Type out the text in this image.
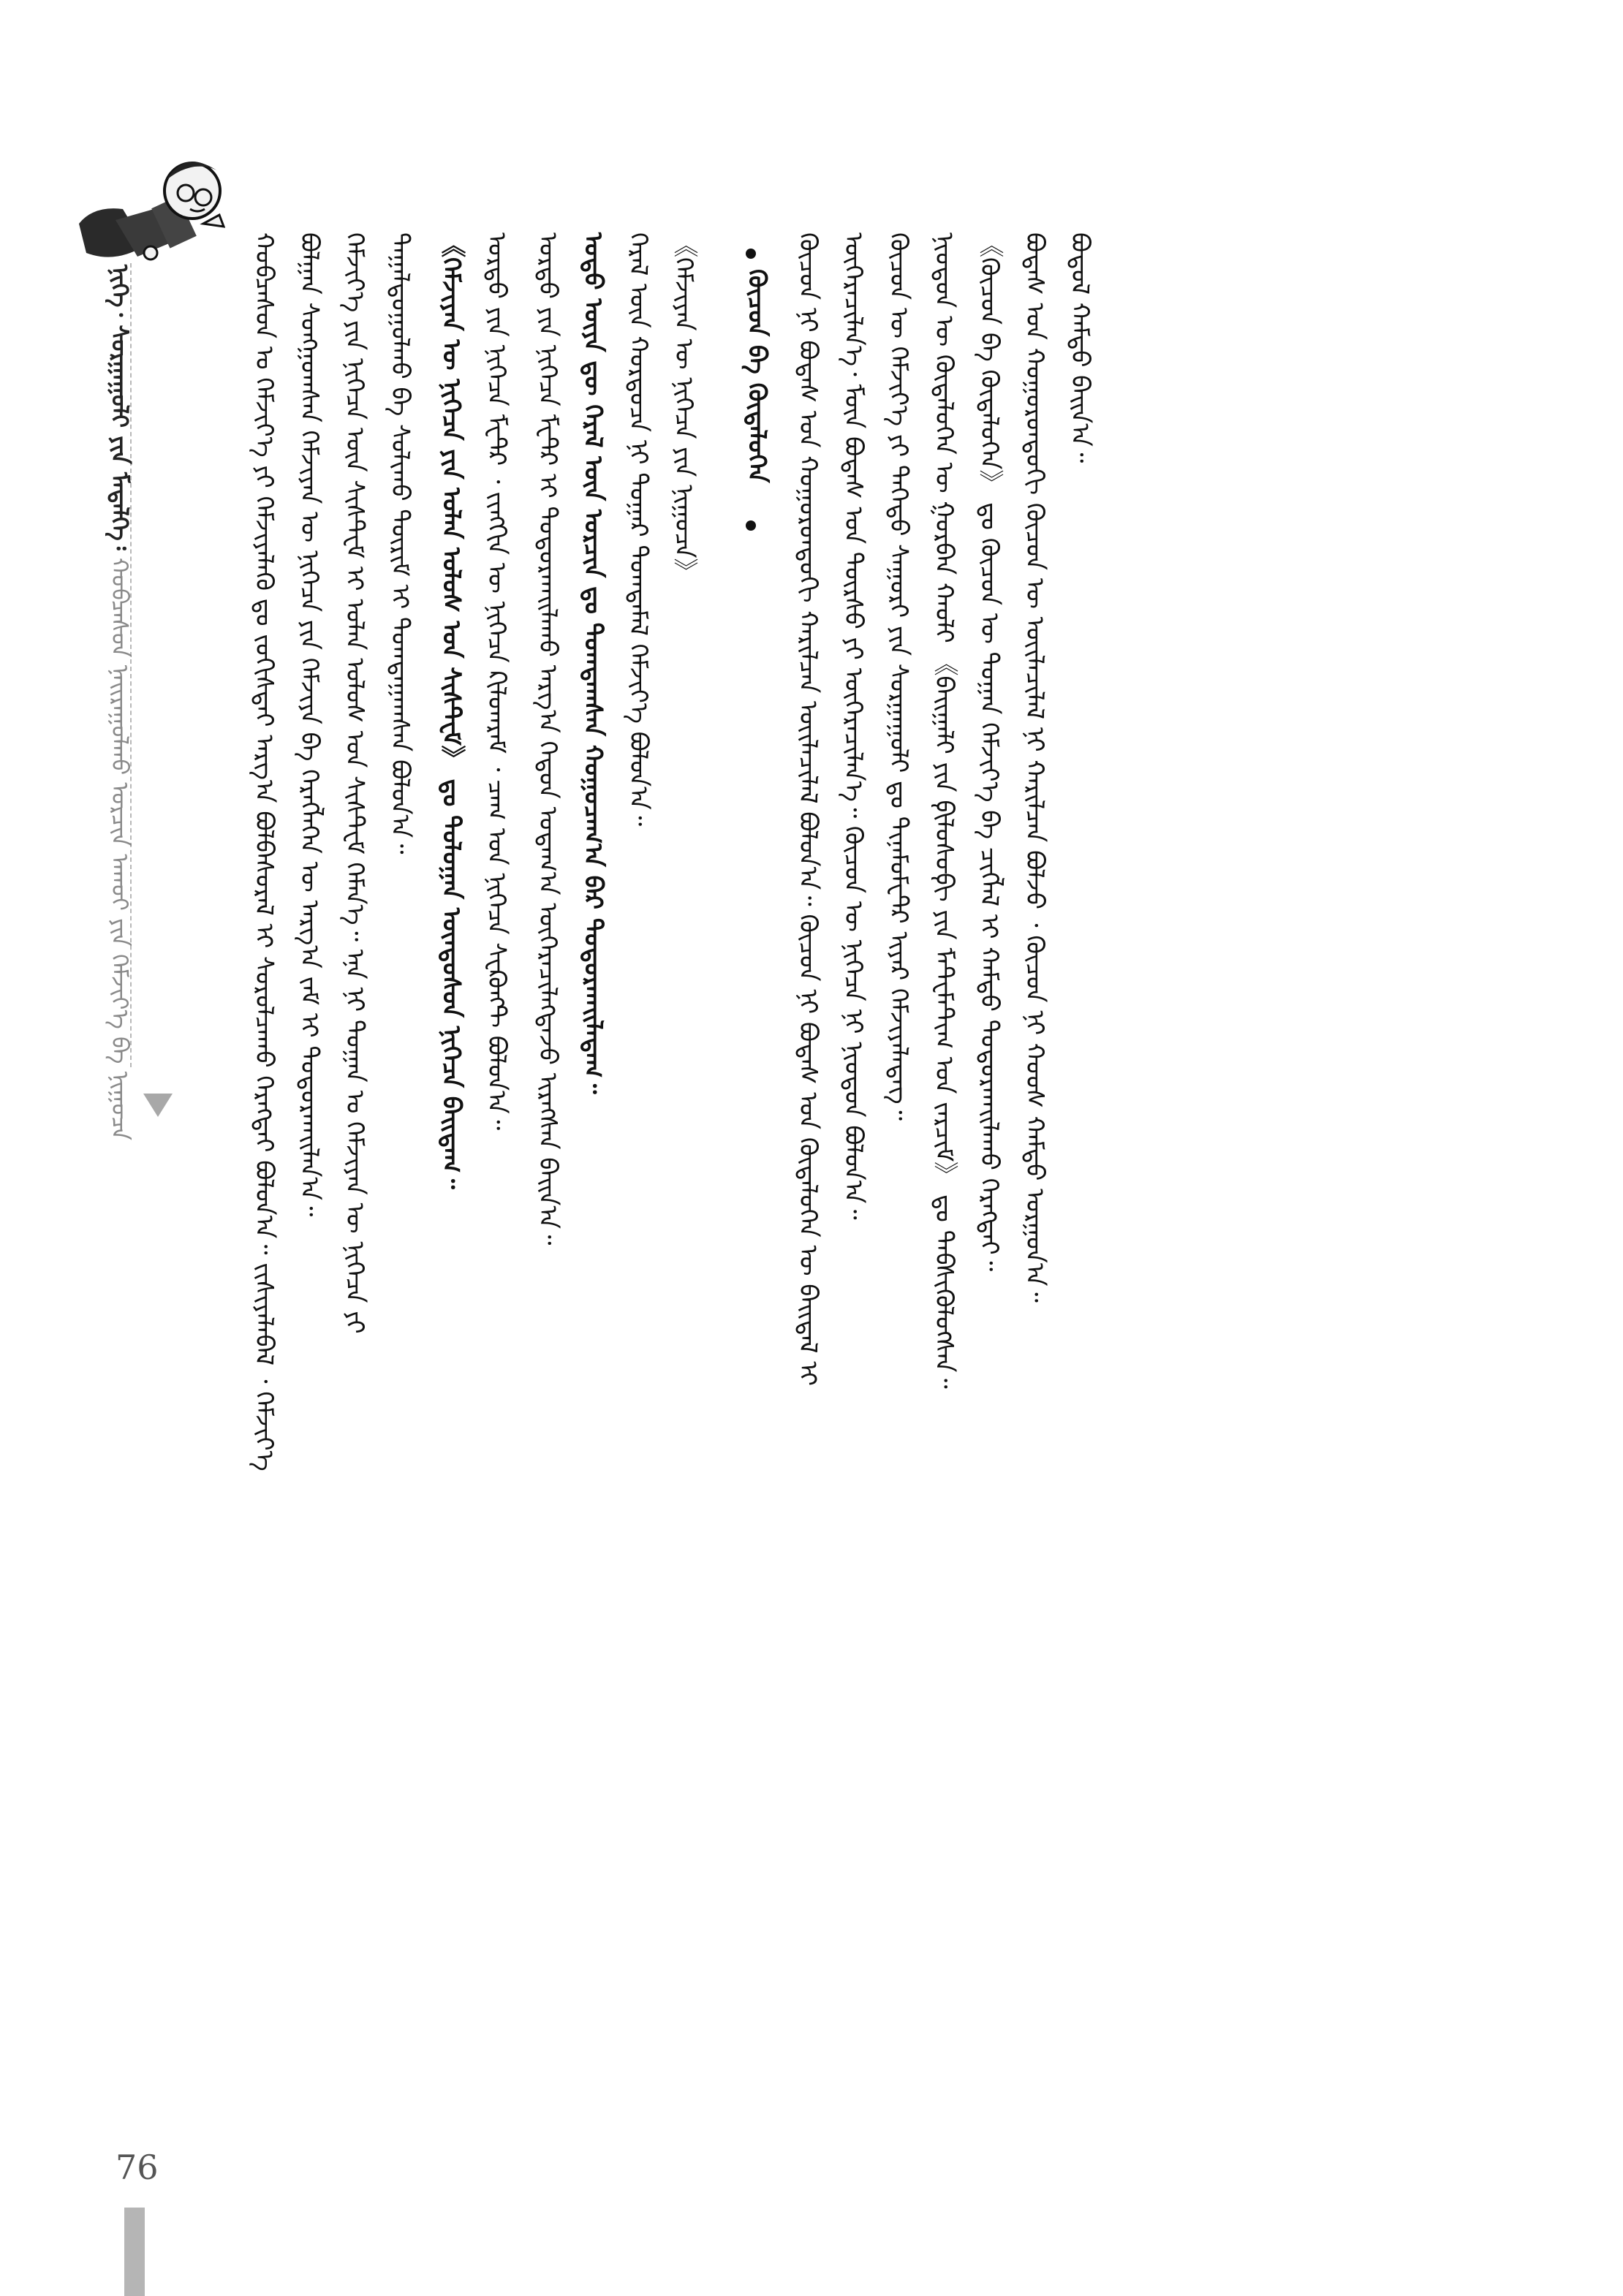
ᠨᠢᠭᠡ᠂ ᠰᠤᠷᠭᠠᠭᠤᠯᠢ ᠶᠢᠨ ᠮᠡᠳᠡᠯᠭᠡ᠄ ᠬᠤᠪᠴᠠᠰᠤᠨ ᠨᠠᠢᠷᠠᠭᠤᠯᠬᠤ ᠣᠷᠴᠢᠨ ᠠᠬᠤᠢ ᠶᠢᠨ ᠬᠡᠮᠵᠢᠶ᠎ᠡ ᠪᠠ ᠨᠢᠭᠤᠴᠠ	ᠬᠤᠪᠴᠠᠰᠤᠨ ᠤ ᠬᠡᠮᠵᠢᠶ᠎ᠡ ᠶᠢ ᠬᠡᠮᠵᠢᠶᠡᠯᠡᠬᠦ ᠳᠤ ᠵᠣᠬᠢᠰᠲᠠᠢ ᠠᠷᠭ᠎ᠠ ᠪᠣᠯᠪᠠᠰᠤᠷᠠᠯ ᠢ ᠰᠤᠷᠤᠯᠴᠠᠬᠤ ᠬᠡᠷᠡᠭᠲᠡᠢ ᠪᠣᠯᠤᠨ᠎ᠠ᠃ ᠵᠢᠱᠢᠶᠡᠯᠡᠪᠡᠯ ᠂ ᠬᠡᠮᠵᠢᠶ᠎ᠡ ᠪᠣᠯᠭᠠᠨ ᠰᠣᠩᠭᠣᠭᠰᠠᠨ ᠬᠡᠮᠵᠢᠶᠡᠨ ᠦ ᠨᠢᠭᠡᠴᠡ ᠶᠢᠨ ᠬᠡᠮᠵᠢᠶᠡ ᠪᠠ ᠬᠡᠷᠡᠭᠯᠡᠭᠡᠨ ᠦ ᠠᠷᠭ᠎ᠠ ᠵᠠᠮ ᠢ ᠲᠣᠳᠣᠷᠬᠠᠢᠯᠠᠨ᠎ᠠ᠃ ᠬᠡᠮᠵᠢᠶ᠎ᠡ ᠶᠢᠨ ᠨᠢᠭᠡᠴᠡ ᠦᠨ ᠰᠢᠰᠲᠧᠮ ᠢ ᠣᠯᠠᠨ ᠤᠯᠤᠰ ᠤᠨ ᠰᠢᠰᠲᠧᠮ ᠬᠡᠮᠡᠨ᠎ᠡ᠃ ᠡᠨᠡ ᠨᠢ ᠲᠣᠭᠠᠨ ᠤ ᠬᠡᠮᠵᠢᠶᠡᠨ ᠦ ᠨᠢᠭᠡᠴᠡ ᠶᠢ ᠳᠠᠭᠠᠯᠳᠤᠭᠤᠯᠬᠤ ᠪᠠ ᠰᠣᠯᠢᠬᠤ ᠳᠦᠷᠢᠮ ᠢ ᠲᠣᠭᠲᠠᠭᠠᠭᠰᠠᠨ ᠪᠣᠯᠤᠨ᠎ᠠ᠃ 《ᠬᠡᠮᠵᠢᠶᠡᠨ ᠦ ᠨᠢᠭᠡᠴᠡ ᠶᠢᠨ ᠣᠯᠠᠨ ᠤᠯᠤᠰ ᠤᠨ ᠰᠢᠰᠲᠧᠮ》 ᠳᠤ ᠳᠣᠯᠤᠭᠠᠨ ᠦᠨᠳᠦᠰᠦᠨ ᠨᠢᠭᠡᠴᠡ ᠪᠠᠢᠳᠠᠭ᠃ ᠤᠷᠲᠤ ᠶᠢᠨ ᠨᠢᠭᠡᠴᠡ ᠮᠧᠲᠷ ᠂ ᠵᠢᠩᠭᠢᠨ ᠦ ᠨᠢᠭᠡᠴᠡ ᠺᠢᠯᠣᠭᠷᠠᠮ ᠂ ᠴᠠᠭ ᠤᠨ ᠨᠢᠭᠡᠴᠡ ᠰᠧᠺᠦᠩᠲ ᠪᠣᠯᠤᠨ᠎ᠠ᠃ ᠤᠷᠲᠤ ᠶᠢᠨ ᠨᠢᠭᠡᠴᠡ ᠮᠧᠲᠷ ᠢ ᠲᠣᠳᠣᠷᠬᠠᠢᠯᠠᠬᠤ ᠠᠷᠭ᠎ᠠ ᠬᠡᠳᠦᠨ ᠤᠳᠠᠭ᠎ᠠ ᠦᠭᠡᠷᠡᠴᠢᠯᠡᠭᠳᠡᠵᠦ ᠢᠷᠡᠭᠰᠡᠨ ᠪᠠᠢᠨ᠎ᠠ᠃ ᠣᠳᠣ ᠦᠶᠡ ᠳᠦ ᠭᠡᠷᠡᠯ ᠦᠨ ᠣᠷᠴᠢᠨ ᠳᠤ ᠲᠣᠭᠲᠠᠭᠰᠠᠨ ᠬᠤᠭᠤᠴᠠᠭ᠎ᠠ ᠪᠠᠷ ᠲᠣᠳᠣᠷᠬᠠᠢᠯᠠᠳᠠᠭ᠃ ᠭᠡᠷᠡᠯ ᠦᠨ ᠬᠤᠷᠳᠤᠴᠠ ᠨᠢ ᠲᠤᠭᠠᠷ ᠲᠣᠭᠲᠠᠮᠠᠯ ᠬᠡᠮᠵᠢᠶ᠎ᠡ ᠪᠣᠯᠤᠨ᠎ᠠ᠃ 《ᠬᠡᠮᠵᠢᠶᠡᠨ ᠦ ᠨᠢᠭᠡᠴᠡ ᠶᠢᠨ ᠨᠢᠭᠤᠴᠠ》 ᠬᠦᠴᠦᠨ ᠪᠠ ᠬᠦᠳᠡᠯᠦᠭᠡᠨ ᠬᠦᠴᠦᠨ ᠨᠢ ᠪᠣᠳᠠᠰ ᠤᠨ ᠬᠣᠭᠣᠷᠣᠨᠳᠤᠬᠢ ᠬᠠᠷᠢᠯᠴᠠᠨ ᠦᠢᠯᠡᠴᠢᠯᠡᠯ ᠪᠣᠯᠤᠨ᠎ᠠ᠃ ᠬᠦᠴᠦᠨ ᠨᠢ ᠪᠣᠳᠠᠰ ᠤᠨ ᠬᠦᠳᠡᠯᠦᠭᠡᠨ ᠦ ᠪᠠᠢᠳᠠᠯ ᠢ ᠥᠭᠡᠷᠡᠴᠢᠯᠡᠨ᠎ᠡ᠂ ᠮᠥᠨ ᠪᠣᠳᠠᠰ ᠤᠨ ᠳᠦᠷᠰᠦ ᠶᠢ ᠥᠭᠡᠷᠡᠴᠢᠯᠡᠨ᠎ᠡ᠃ ᠬᠦᠴᠦᠨ ᠦ ᠨᠢᠭᠡᠴᠡ ᠨᠢ ᠨᠢᠦᠲᠣᠨ ᠪᠣᠯᠤᠨ᠎ᠠ᠃ ᠬᠦᠴᠦᠨ ᠦ ᠬᠡᠮᠵᠢᠶ᠎ᠡ ᠶᠢ ᠳᠡᠭᠡᠳᠦ ᠰᠠᠭᠤᠷᠢ ᠶᠢᠨ ᠰᠤᠷᠭᠠᠭᠤᠯᠢ ᠳᠤ ᠳᠢᠨᠠᠮᠣᠮᠧᠲᠷ ᠢᠶᠡᠷ ᠬᠡᠮᠵᠢᠶᠡᠯᠡᠳᠡᠭ᠃ ᠨᠢᠦᠲᠣᠨ ᠦ ᠬᠦᠳᠡᠯᠦᠭᠡᠨ ᠦ ᠭᠤᠷᠪᠠᠨ ᠬᠠᠤᠯᠢ 《ᠪᠠᠢᠭᠠᠯᠢ ᠶᠢᠨ ᠹᠢᠯᠣᠰᠣᠹᠢ ᠶᠢᠨ ᠮᠠᠲ᠋ᠧᠮᠠᠲ᠋ᠢᠭ ᠤᠨ ᠵᠠᠷᠴᠢᠮ》 ᠳᠤ ᠳᠡᠪᠰᠢᠭᠦᠯᠦᠭᠰᠡᠨ᠃ 《ᠬᠦᠴᠦᠨ ᠪᠠ ᠬᠦᠳᠡᠯᠦᠭᠡᠨ》 ᠳᠤ ᠬᠦᠴᠦᠨ ᠦ ᠲᠣᠭᠠᠨ ᠬᠡᠮᠵᠢᠶ᠎ᠡ ᠪᠠ ᠴᠢᠭᠯᠡᠯ ᠢ ᠬᠠᠮᠲᠤ ᠲᠣᠳᠣᠷᠬᠠᠢᠯᠠᠬᠤ ᠬᠡᠷᠡᠭᠲᠡᠢ᠃ ᠪᠣᠳᠠᠰ ᠤᠨ ᠬᠣᠭᠣᠷᠣᠨᠳᠤᠬᠢ ᠬᠦᠴᠦᠨ ᠦ ᠦᠢᠯᠡᠴᠢᠯᠡᠯ ᠨᠢ ᠬᠠᠷᠢᠯᠴᠠᠨ ᠪᠣᠯᠵᠤ ᠂ ᠬᠦᠴᠦᠨ ᠨᠢ ᠬᠣᠣᠰ ᠬᠠᠮᠲᠤ ᠤᠷᠭᠤᠨ᠎ᠠ᠃ ᠪᠣᠳᠣᠯ ᠬᠠᠮᠲᠤ ᠪᠠᠢᠨ᠎ᠠ᠃
76
